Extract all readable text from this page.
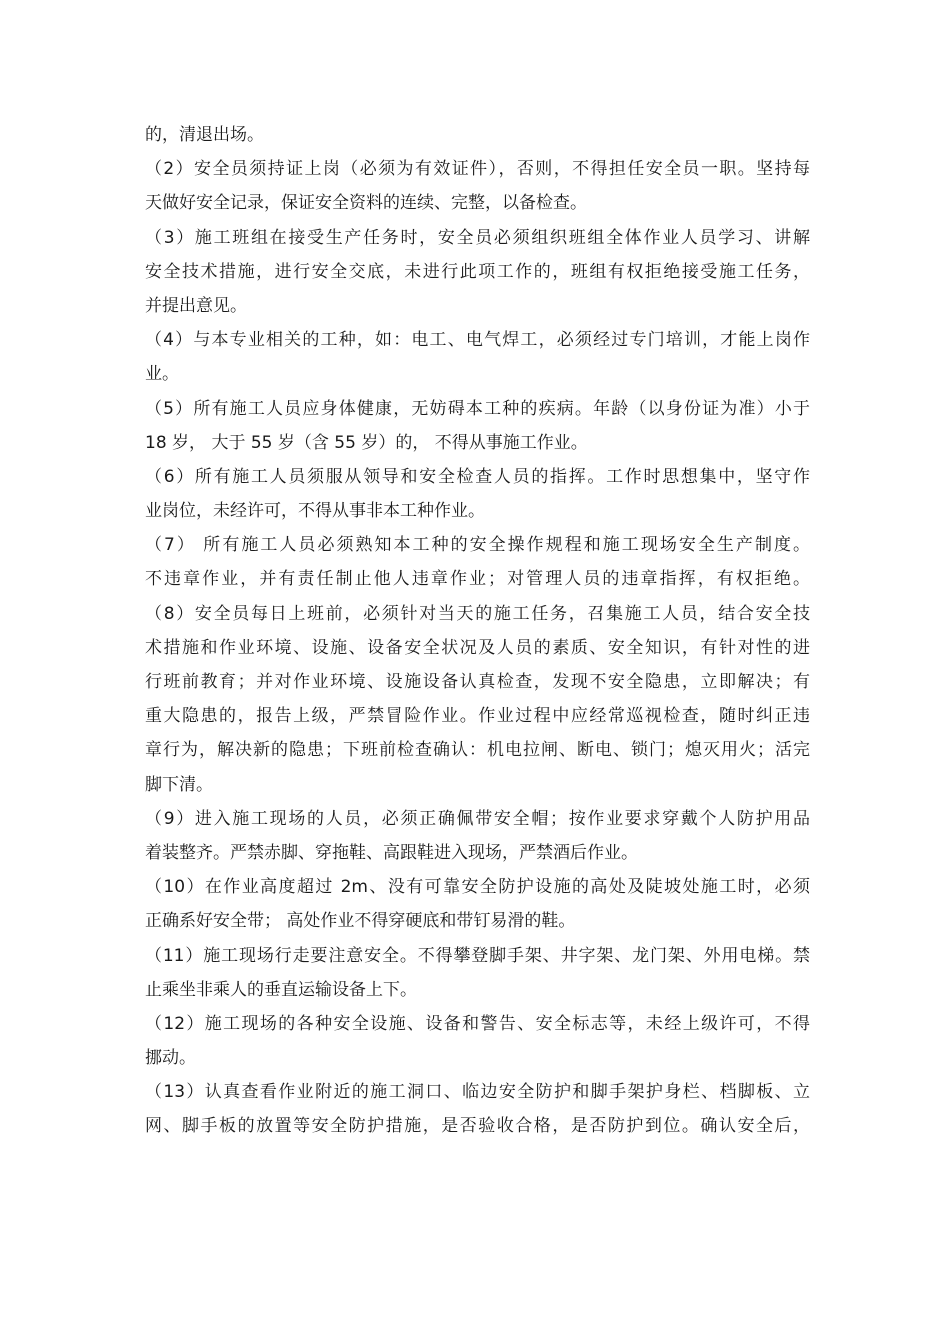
的，清退出场。
（2）安全员须持证上岗（必须为有效证件），否则，不得担任安全员一职。坚持每
天做好安全记录，保证安全资料的连续、完整，以备检查。
（3）施工班组在接受生产任务时，安全员必须组织班组全体作业人员学习、讲解
安全技术措施，进行安全交底，未进行此项工作的，班组有权拒绝接受施工任务，
并提出意见。
（4）与本专业相关的工种，如：电工、电气焊工，必须经过专门培训，才能上岗作
业。
（5）所有施工人员应身体健康，无妨碍本工种的疾病。年龄（以身份证为准）小于
18 岁， 大于 55 岁（含 55 岁）的， 不得从事施工作业。
（6）所有施工人员须服从领导和安全检查人员的指挥。工作时思想集中，坚守作
业岗位，未经许可，不得从事非本工种作业。
（7） 所有施工人员必须熟知本工种的安全操作规程和施工现场安全生产制度。
不违章作业，并有责任制止他人违章作业；对管理人员的违章指挥，有权拒绝。
（8）安全员每日上班前，必须针对当天的施工任务，召集施工人员，结合安全技
术措施和作业环境、设施、设备安全状况及人员的素质、安全知识，有针对性的进
行班前教育；并对作业环境、设施设备认真检查，发现不安全隐患，立即解决；有
重大隐患的，报告上级，严禁冒险作业。作业过程中应经常巡视检查，随时纠正违
章行为，解决新的隐患；下班前检查确认：机电拉闸、断电、锁门；熄灭用火；活完
脚下清。
（9）进入施工现场的人员，必须正确佩带安全帽；按作业要求穿戴个人防护用品
着装整齐。严禁赤脚、穿拖鞋、高跟鞋进入现场，严禁酒后作业。
（10）在作业高度超过 2m、没有可靠安全防护设施的高处及陡坡处施工时，必须
正确系好安全带； 高处作业不得穿硬底和带钉易滑的鞋。
（11）施工现场行走要注意安全。不得攀登脚手架、井字架、龙门架、外用电梯。禁
止乘坐非乘人的垂直运输设备上下。
（12）施工现场的各种安全设施、设备和警告、安全标志等，未经上级许可，不得
挪动。
（13）认真查看作业附近的施工洞口、临边安全防护和脚手架护身栏、档脚板、立
网、脚手板的放置等安全防护措施，是否验收合格，是否防护到位。确认安全后，
